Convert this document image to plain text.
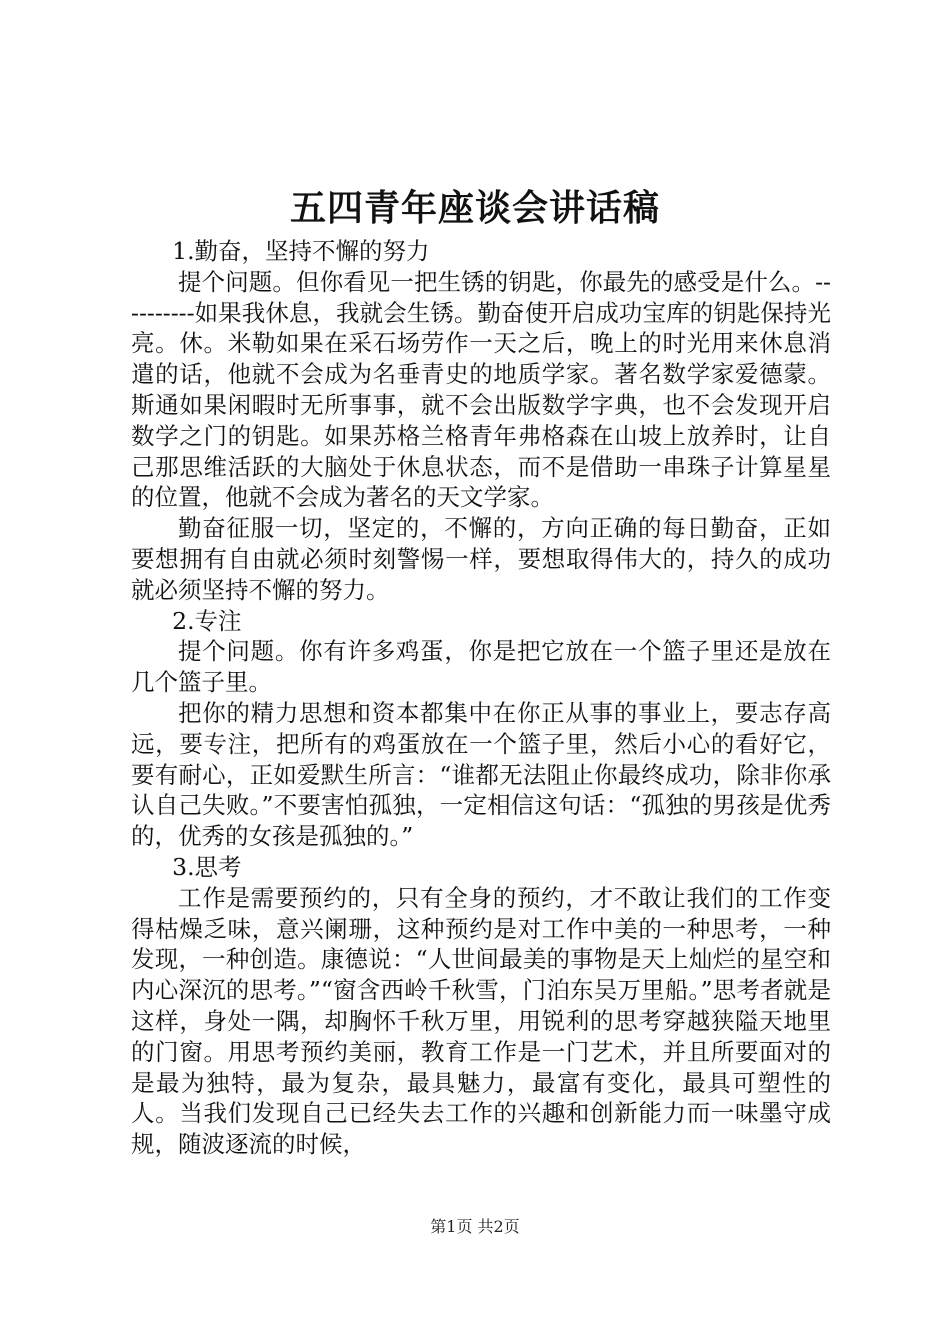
五四青年座谈会讲话稿

1.勤奋，坚持不懈的努力

提个问题。但你看见一把生锈的钥匙，你最先的感受是什么。----------如果我休息，我就会生锈。勤奋使开启成功宝库的钥匙保持光亮。休。米勒如果在采石场劳作一天之后，晚上的时光用来休息消遣的话，他就不会成为名垂青史的地质学家。著名数学家爱德蒙。斯通如果闲暇时无所事事，就不会出版数学字典，也不会发现开启数学之门的钥匙。如果苏格兰格青年弗格森在山坡上放养时，让自己那思维活跃的大脑处于休息状态，而不是借助一串珠子计算星星的位置，他就不会成为著名的天文学家。

勤奋征服一切，坚定的，不懈的，方向正确的每日勤奋，正如要想拥有自由就必须时刻警惕一样，要想取得伟大的，持久的成功就必须坚持不懈的努力。

2.专注

提个问题。你有许多鸡蛋，你是把它放在一个篮子里还是放在几个篮子里。

把你的精力思想和资本都集中在你正从事的事业上，要志存高远，要专注，把所有的鸡蛋放在一个篮子里，然后小心的看好它，要有耐心，正如爱默生所言：“谁都无法阻止你最终成功，除非你承认自己失败。”不要害怕孤独，一定相信这句话：“孤独的男孩是优秀的，优秀的女孩是孤独的。”

3.思考

工作是需要预约的，只有全身的预约，才不敢让我们的工作变得枯燥乏味，意兴阑珊，这种预约是对工作中美的一种思考，一种发现，一种创造。康德说：“人世间最美的事物是天上灿烂的星空和内心深沉的思考。”“窗含西岭千秋雪，门泊东吴万里船。”思考者就是这样，身处一隅，却胸怀千秋万里，用锐利的思考穿越狭隘天地里的门窗。用思考预约美丽，教育工作是一门艺术，并且所要面对的是最为独特，最为复杂，最具魅力，最富有变化，最具可塑性的人。当我们发现自己已经失去工作的兴趣和创新能力而一味墨守成规，随波逐流的时候，

第1页 共2页
